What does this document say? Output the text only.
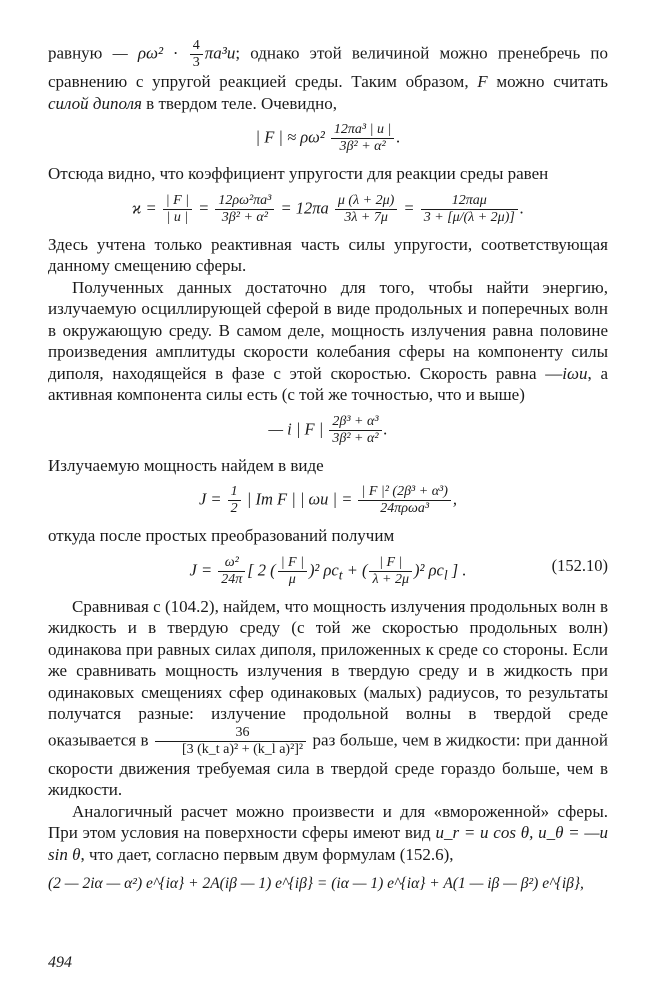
равную — $\rho\omega^2 \cdot \frac{4}{3} \pi a^3u$; однако этой величиной можно пренебречь по сравнению с упругой реакцией среды. Таким образом, F можно считать силой диполя в твердом теле. Очевидно,

| F | ≈ $\rho\omega^2 \frac{\text{12πa³ | u |}}{\text{3β² + α²}}$ .

Отсюда видно, что коэффициент упругости для реакции среды равен

$ϰ = \frac{| F |}{| u |} = \frac{\text{12ρω²πa³}}{\text{3β² + α²}} = 12\pi a \frac{\mu (\lambda + 2\mu)}{3\lambda + 7\mu} = \frac{\text{12πaμ}}{3 + [\mu/(\lambda + 2\mu)]}$ .

Здесь учтена только реактивная часть силы упругости, соответствующая данному смещению сферы.

Полученных данных достаточно для того, чтобы найти энергию, излучаемую осциллирующей сферой в виде продольных и поперечных волн в окружающую среду. В самом деле, мощность излучения равна половине произведения амплитуды скорости колебания сферы на компоненту силы диполя, находящейся в фазе с этой скоростью. Скорость равна —iωu, а активная компонента силы есть (с той же точностью, что и выше)

— i | F | $\frac{\text{2β³ + α³}}{\text{3β² + α²}}$ .

Излучаемую мощность найдем в виде

$J = \frac{1}{2}$ | Im F | | ωu | = $\frac{\text{| F |² (2β³ + α³)}}{\text{24πρωa³}}$ ,

откуда после простых преобразований получим

$J = \frac{\text{ω²}}{24\pi}$ [ 2 ( $\frac{| F |}{\mu} )^2$ $\rho c_t$ + ( $\frac{| F |}{\lambda + 2\mu} )^2$ $\rho c_l$ ] .	(152.10)

Сравнивая с (104.2), найдем, что мощность излучения продольных волн в жидкость и в твердую среду (с той же скоростью продольных волн) одинакова при равных силах диполя, приложенных к среде со стороны. Если же сравнивать мощность излучения в твердую среду и в жидкость при одинаковых смещениях сфер одинаковых (малых) радиусов, то результаты получатся разные: излучение продольной волны в твердой среде оказывается в $\frac{36}{\text{[3 (k\_t a)² + (k\_l a)²]²}}$ раз больше, чем в жидкости: при данной скорости движения требуемая сила в твердой среде гораздо больше, чем в жидкости.

Аналогичный расчет можно произвести и для «вмороженной» сферы. При этом условия на поверхности сферы имеют вид u_r = u cos θ, u_θ = —u sin θ, что дает, согласно первым двум формулам (152.6),

(2 — 2iα — α²) e^{iα} + 2A(iβ — 1) e^{iβ} = (iα — 1) e^{iα} + A(1 — iβ — β²) e^{iβ},
494
